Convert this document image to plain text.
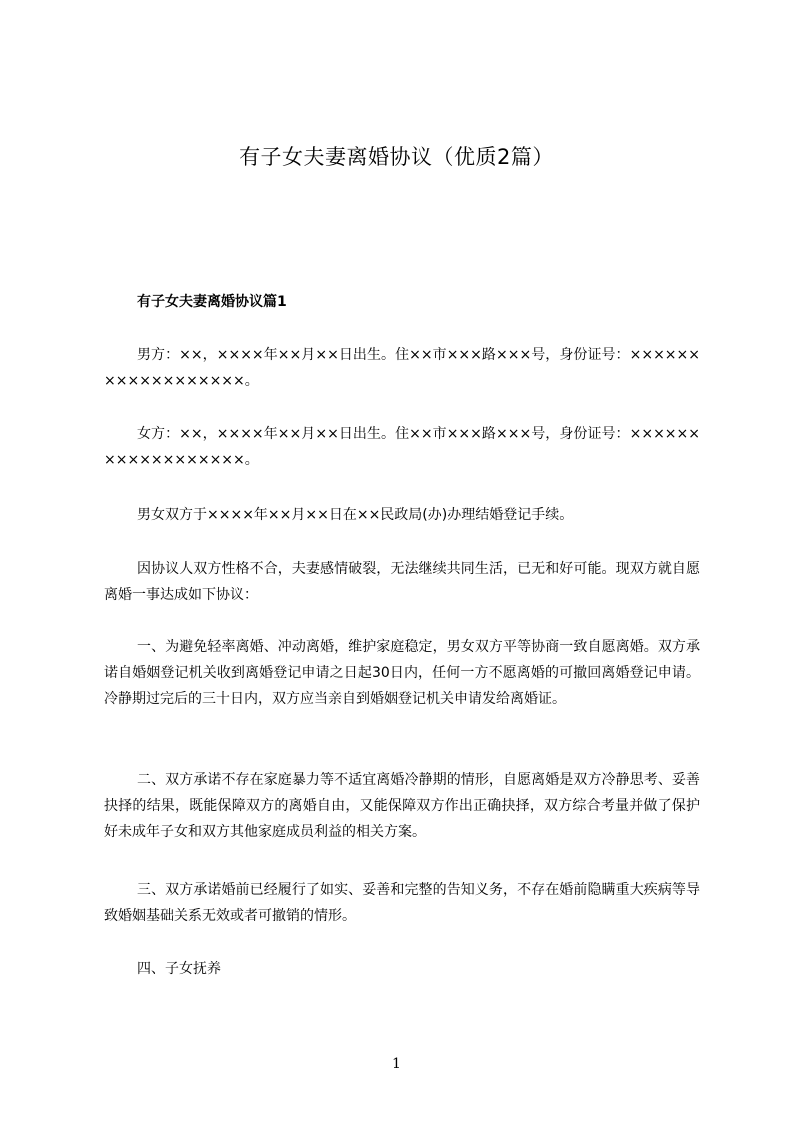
有子女夫妻离婚协议（优质2篇）
有子女夫妻离婚协议篇1

男方：××，××××年××月××日出生。住××市×××路×××号，身份证号：××××××××××××××××××。

女方：××，××××年××月××日出生。住××市×××路×××号，身份证号：××××××××××××××××××。

男女双方于××××年××月××日在××民政局(办)办理结婚登记手续。

因协议人双方性格不合，夫妻感情破裂，无法继续共同生活，已无和好可能。现双方就自愿离婚一事达成如下协议：

一、为避免轻率离婚、冲动离婚，维护家庭稳定，男女双方平等协商一致自愿离婚。双方承诺自婚姻登记机关收到离婚登记申请之日起30日内，任何一方不愿离婚的可撤回离婚登记申请。冷静期过完后的三十日内，双方应当亲自到婚姻登记机关申请发给离婚证。

二、双方承诺不存在家庭暴力等不适宜离婚冷静期的情形，自愿离婚是双方冷静思考、妥善抉择的结果，既能保障双方的离婚自由，又能保障双方作出正确抉择，双方综合考量并做了保护好未成年子女和双方其他家庭成员利益的相关方案。

三、双方承诺婚前已经履行了如实、妥善和完整的告知义务，不存在婚前隐瞒重大疾病等导致婚姻基础关系无效或者可撤销的情形。

四、子女抚养

1
